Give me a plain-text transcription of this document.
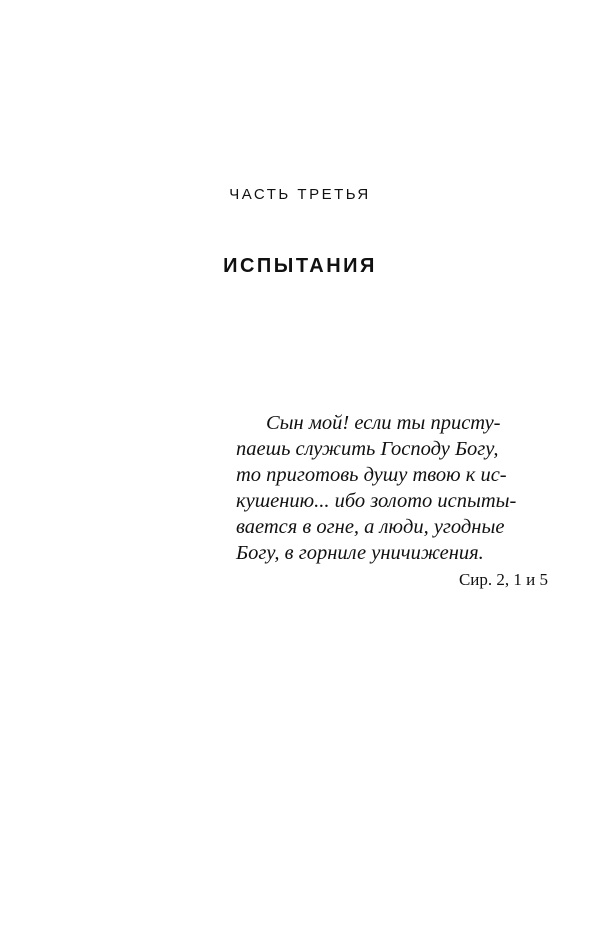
ЧАСТЬ ТРЕТЬЯ
ИСПЫТАНИЯ
Сын мой! если ты присту-
паешь служить Господу Богу,
то приготовь душу твою к ис-
кушению... ибо золото испыты-
вается в огне, а люди, угодные
Богу, в горниле уничижения.
Сир. 2, 1 и 5
